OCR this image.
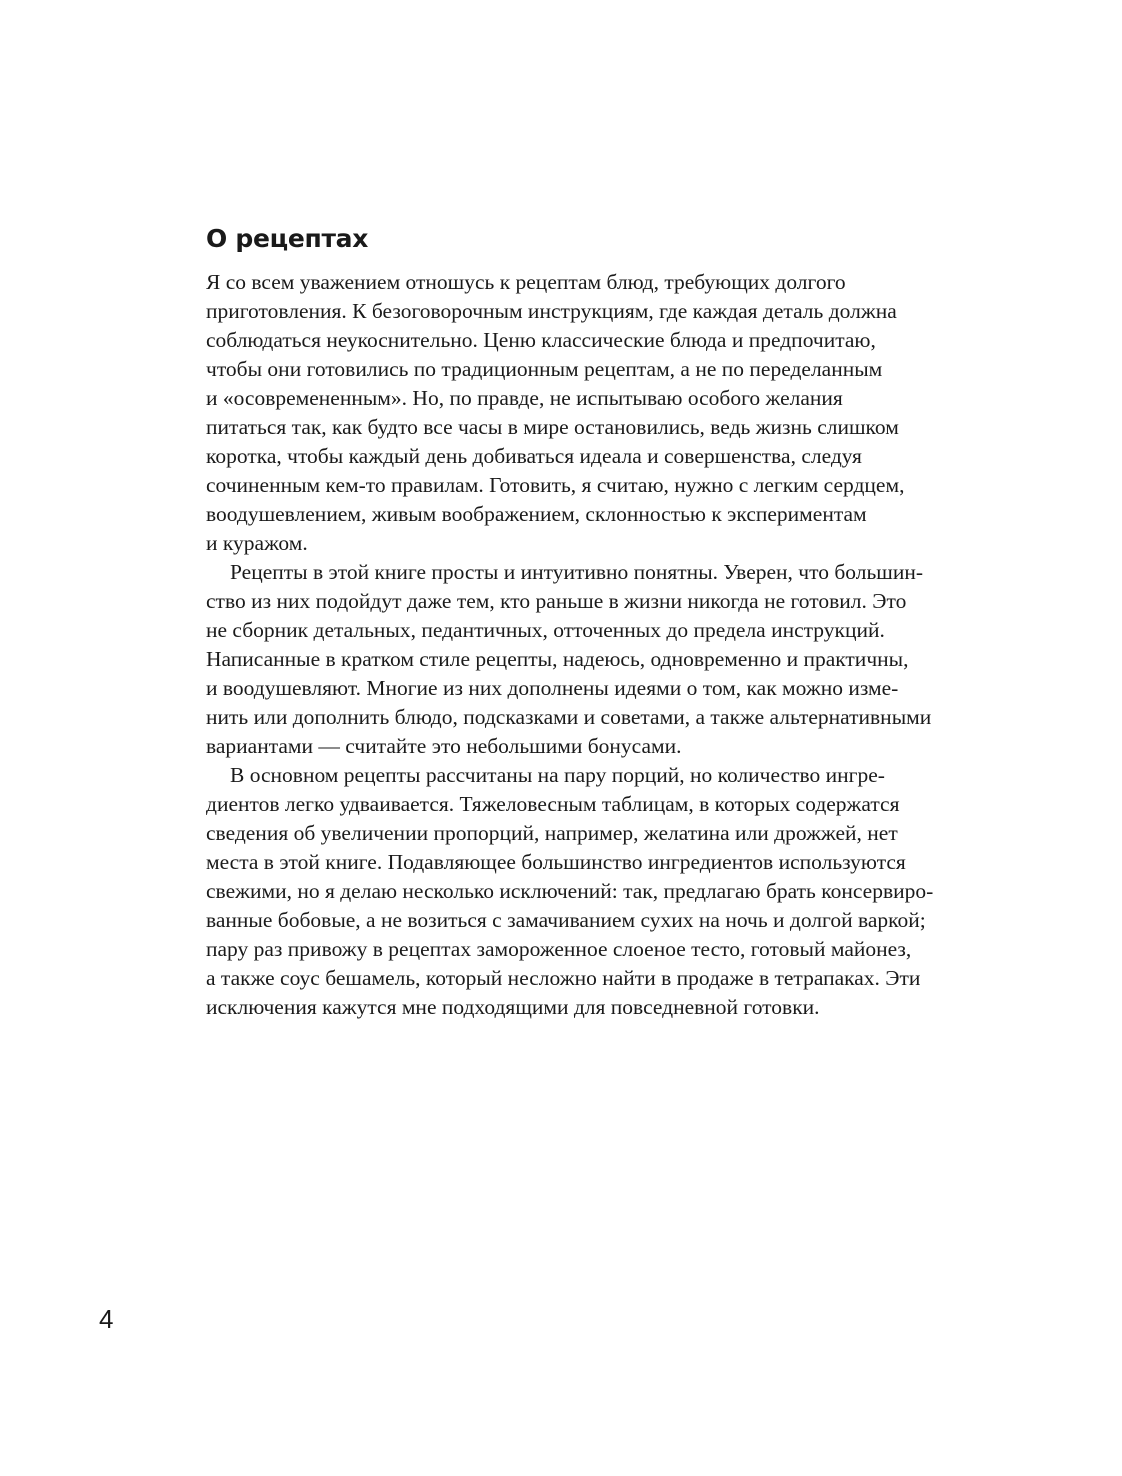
О рецептах
Я со всем уважением отношусь к рецептам блюд, требующих долгого
приготовления. К безоговорочным инструкциям, где каждая деталь должна
соблюдаться неукоснительно. Ценю классические блюда и предпочитаю,
чтобы они готовились по традиционным рецептам, а не по переделанным
и «осовремененным». Но, по правде, не испытываю особого желания
питаться так, как будто все часы в мире остановились, ведь жизнь слишком
коротка, чтобы каждый день добиваться идеала и совершенства, следуя
сочиненным кем-то правилам. Готовить, я считаю, нужно с легким сердцем,
воодушевлением, живым воображением, склонностью к экспериментам
и куражом.
Рецепты в этой книге просты и интуитивно понятны. Уверен, что большин-
ство из них подойдут даже тем, кто раньше в жизни никогда не готовил. Это
не сборник детальных, педантичных, отточенных до предела инструкций.
Написанные в кратком стиле рецепты, надеюсь, одновременно и практичны,
и воодушевляют. Многие из них дополнены идеями о том, как можно изме-
нить или дополнить блюдо, подсказками и советами, а также альтернативными
вариантами — считайте это небольшими бонусами.
В основном рецепты рассчитаны на пару порций, но количество ингре-
диентов легко удваивается. Тяжеловесным таблицам, в которых содержатся
сведения об увеличении пропорций, например, желатина или дрожжей, нет
места в этой книге. Подавляющее большинство ингредиентов используются
свежими, но я делаю несколько исключений: так, предлагаю брать консервиро-
ванные бобовые, а не возиться с замачиванием сухих на ночь и долгой варкой;
пару раз привожу в рецептах замороженное слоеное тесто, готовый майонез,
а также соус бешамель, который несложно найти в продаже в тетрапаках. Эти
исключения кажутся мне подходящими для повседневной готовки.

4
